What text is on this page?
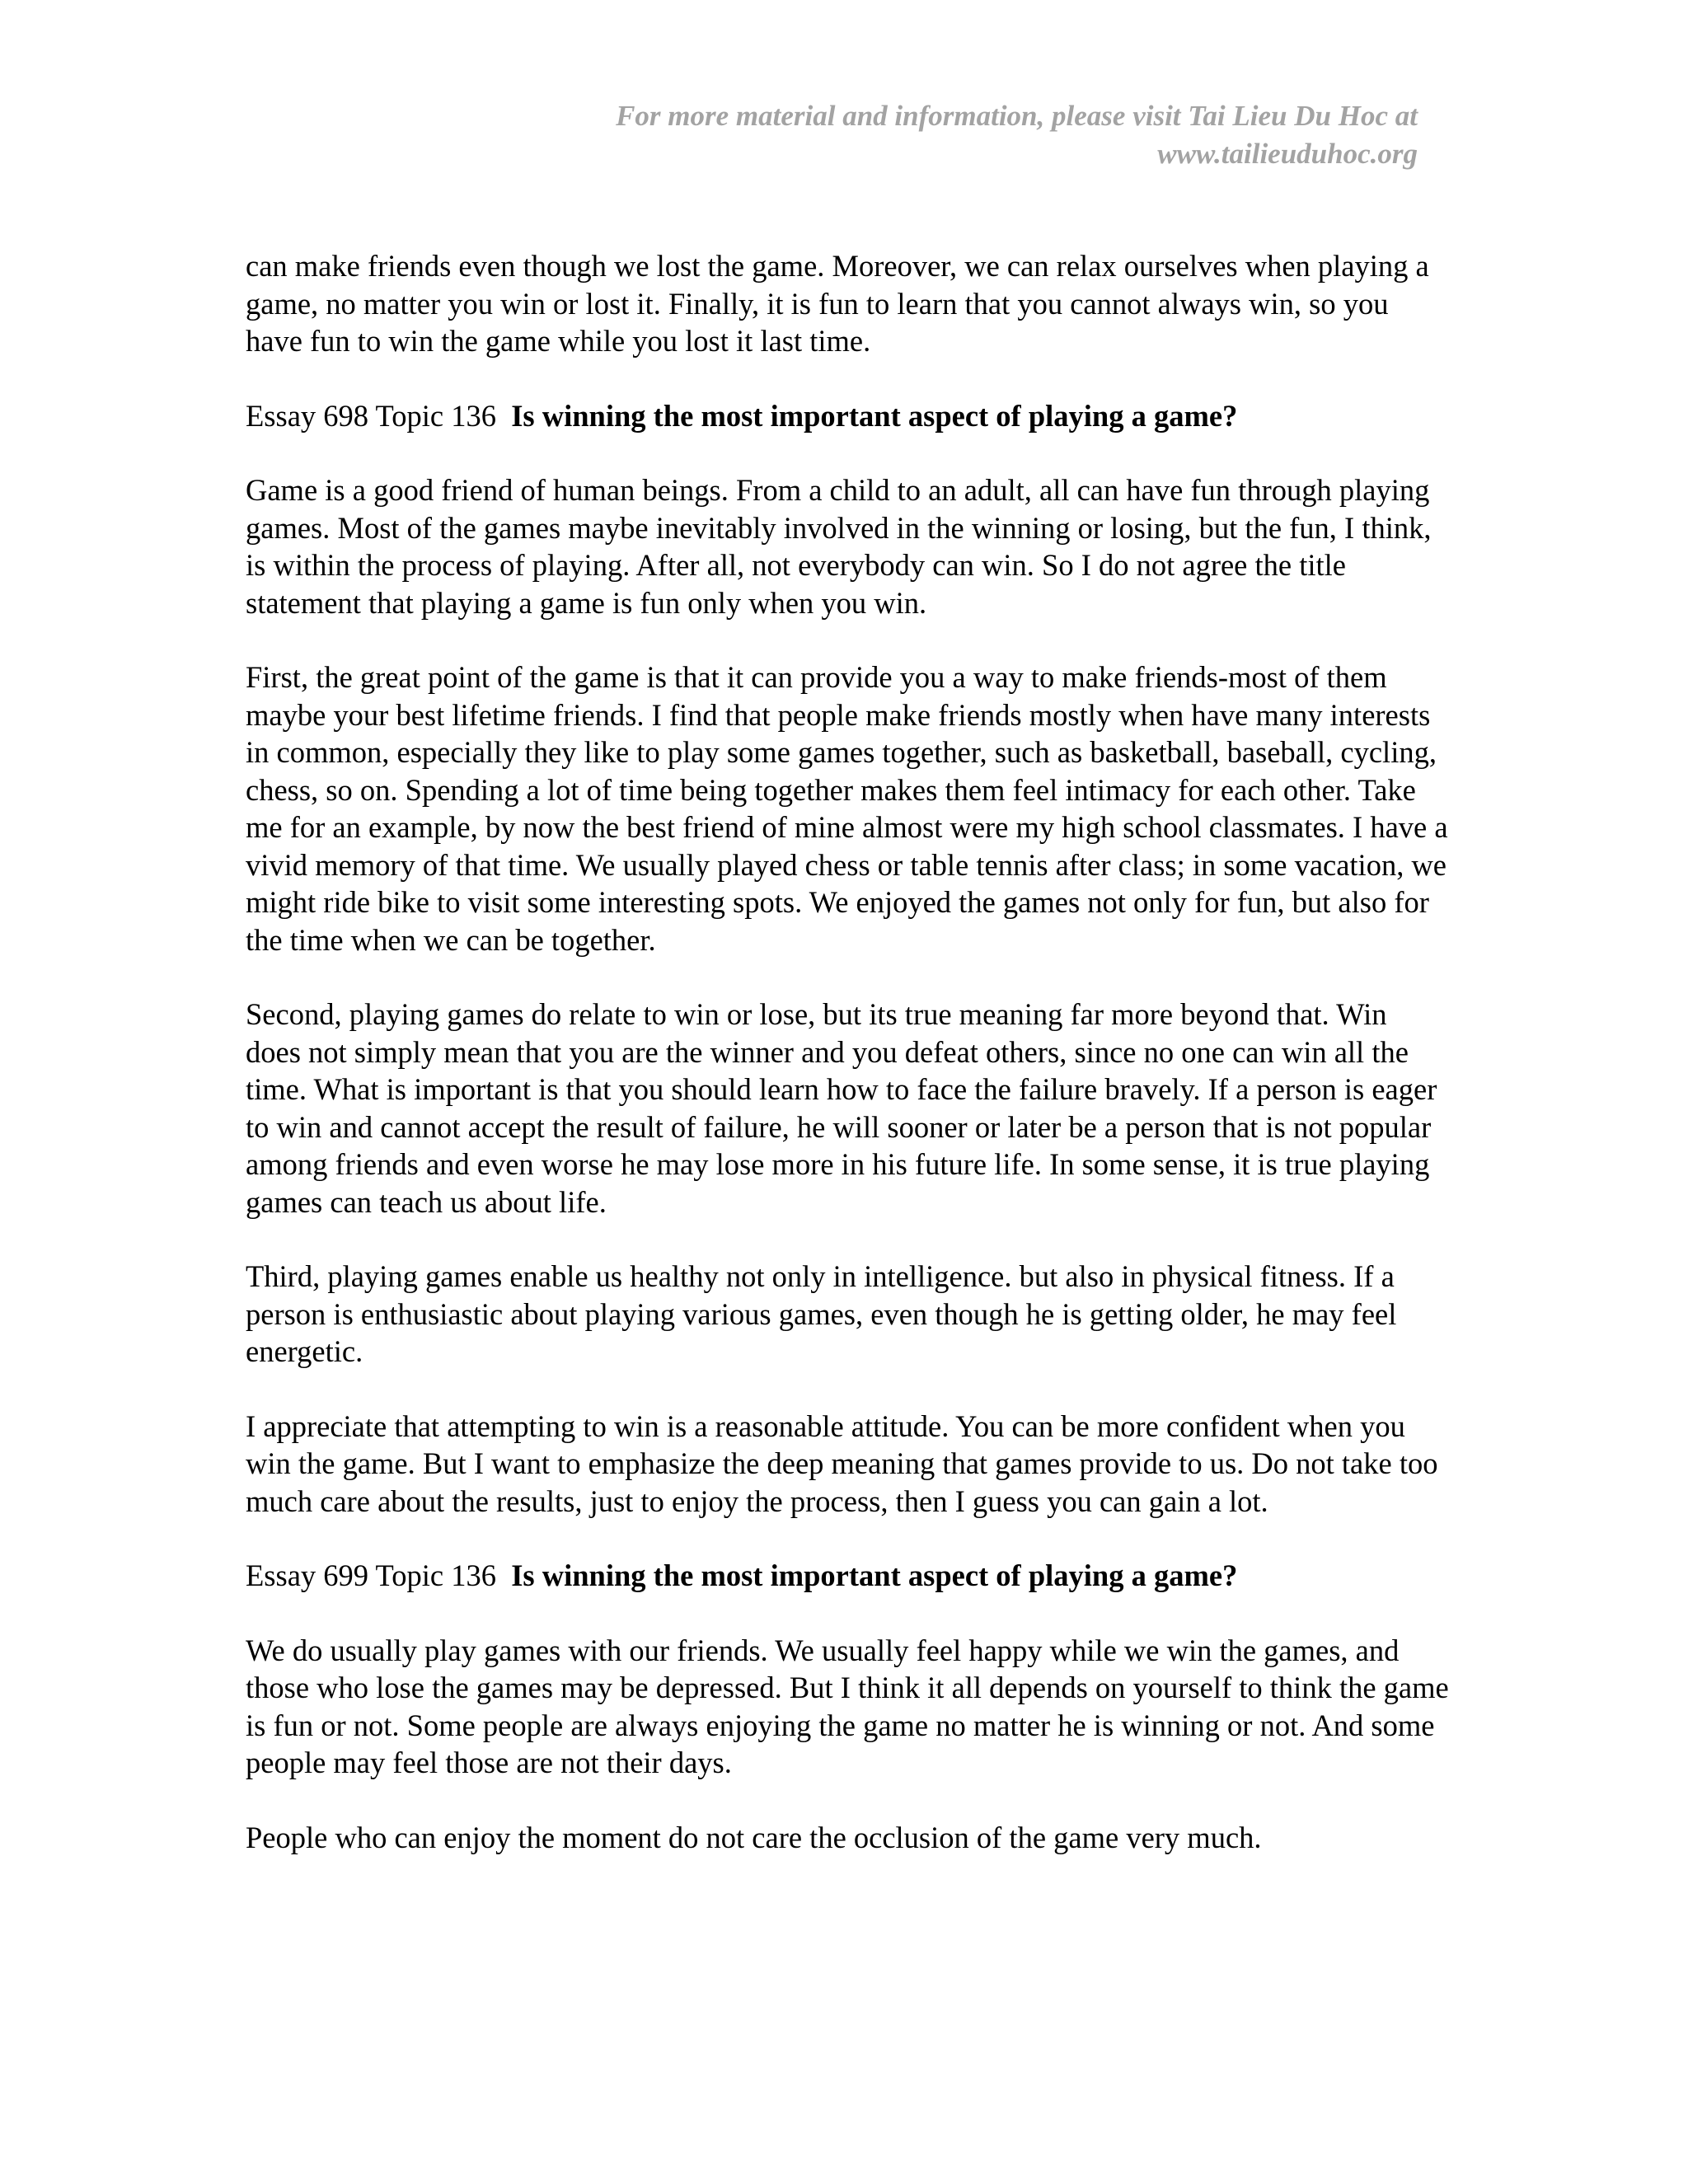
For more material and information, please visit Tai Lieu Du Hoc at
www.tailieuduhoc.org

can make friends even though we lost the game. Moreover, we can relax ourselves when playing a game, no matter you win or lost it. Finally, it is fun to learn that you cannot always win, so you have fun to win the game while you lost it last time.

Essay 698 Topic 136 Is winning the most important aspect of playing a game?

Game is a good friend of human beings. From a child to an adult, all can have fun through playing games. Most of the games maybe inevitably involved in the winning or losing, but the fun, I think, is within the process of playing. After all, not everybody can win. So I do not agree the title statement that playing a game is fun only when you win.

First, the great point of the game is that it can provide you a way to make friends-most of them maybe your best lifetime friends. I find that people make friends mostly when have many interests in common, especially they like to play some games together, such as basketball, baseball, cycling, chess, so on. Spending a lot of time being together makes them feel intimacy for each other. Take me for an example, by now the best friend of mine almost were my high school classmates. I have a vivid memory of that time. We usually played chess or table tennis after class; in some vacation, we might ride bike to visit some interesting spots. We enjoyed the games not only for fun, but also for the time when we can be together.

Second, playing games do relate to win or lose, but its true meaning far more beyond that. Win does not simply mean that you are the winner and you defeat others, since no one can win all the time. What is important is that you should learn how to face the failure bravely. If a person is eager to win and cannot accept the result of failure, he will sooner or later be a person that is not popular among friends and even worse he may lose more in his future life. In some sense, it is true playing games can teach us about life.

Third, playing games enable us healthy not only in intelligence. but also in physical fitness. If a person is enthusiastic about playing various games, even though he is getting older, he may feel energetic.

I appreciate that attempting to win is a reasonable attitude. You can be more confident when you win the game. But I want to emphasize the deep meaning that games provide to us. Do not take too much care about the results, just to enjoy the process, then I guess you can gain a lot.

Essay 699 Topic 136 Is winning the most important aspect of playing a game?

We do usually play games with our friends. We usually feel happy while we win the games, and those who lose the games may be depressed. But I think it all depends on yourself to think the game is fun or not. Some people are always enjoying the game no matter he is winning or not. And some people may feel those are not their days.

People who can enjoy the moment do not care the occlusion of the game very much.
